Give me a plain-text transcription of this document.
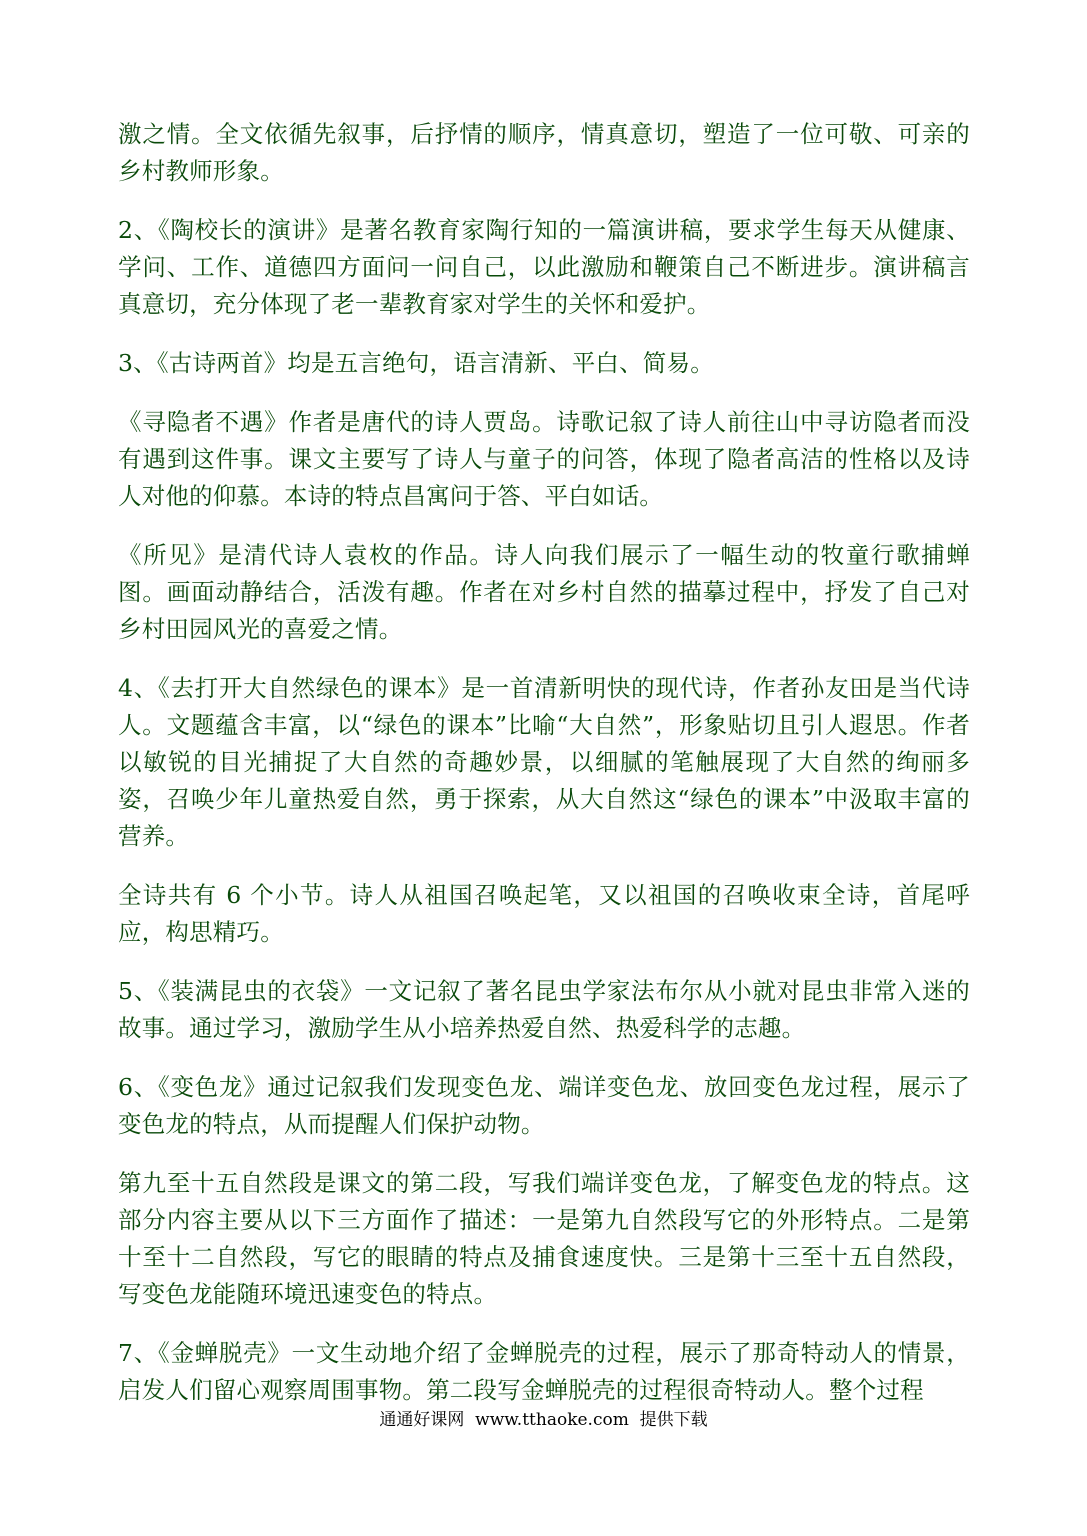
激之情。全文依循先叙事，后抒情的顺序，情真意切，塑造了一位可敬、可亲的乡村教师形象。

2、《陶校长的演讲》是著名教育家陶行知的一篇演讲稿，要求学生每天从健康、学问、工作、道德四方面问一问自己，以此激励和鞭策自己不断进步。演讲稿言真意切，充分体现了老一辈教育家对学生的关怀和爱护。

3、《古诗两首》均是五言绝句，语言清新、平白、简易。

《寻隐者不遇》作者是唐代的诗人贾岛。诗歌记叙了诗人前往山中寻访隐者而没有遇到这件事。课文主要写了诗人与童子的问答，体现了隐者高洁的性格以及诗人对他的仰慕。本诗的特点昌寓问于答、平白如话。

《所见》是清代诗人袁枚的作品。诗人向我们展示了一幅生动的牧童行歌捕蝉图。画面动静结合，活泼有趣。作者在对乡村自然的描摹过程中，抒发了自己对乡村田园风光的喜爱之情。

4、《去打开大自然绿色的课本》是一首清新明快的现代诗，作者孙友田是当代诗人。文题蕴含丰富，以“绿色的课本”比喻“大自然”，形象贴切且引人遐思。作者以敏锐的目光捕捉了大自然的奇趣妙景，以细腻的笔触展现了大自然的绚丽多姿，召唤少年儿童热爱自然，勇于探索，从大自然这“绿色的课本”中汲取丰富的营养。

全诗共有 6 个小节。诗人从祖国召唤起笔，又以祖国的召唤收束全诗，首尾呼应，构思精巧。

5、《装满昆虫的衣袋》一文记叙了著名昆虫学家法布尔从小就对昆虫非常入迷的故事。通过学习，激励学生从小培养热爱自然、热爱科学的志趣。

6、《变色龙》通过记叙我们发现变色龙、端详变色龙、放回变色龙过程，展示了变色龙的特点，从而提醒人们保护动物。

第九至十五自然段是课文的第二段，写我们端详变色龙，了解变色龙的特点。这部分内容主要从以下三方面作了描述：一是第九自然段写它的外形特点。二是第十至十二自然段，写它的眼睛的特点及捕食速度快。三是第十三至十五自然段，写变色龙能随环境迅速变色的特点。

7、《金蝉脱壳》一文生动地介绍了金蝉脱壳的过程，展示了那奇特动人的情景，启发人们留心观察周围事物。第二段写金蝉脱壳的过程很奇特动人。整个过程

通通好课网  www.tthaoke.com  提供下载
